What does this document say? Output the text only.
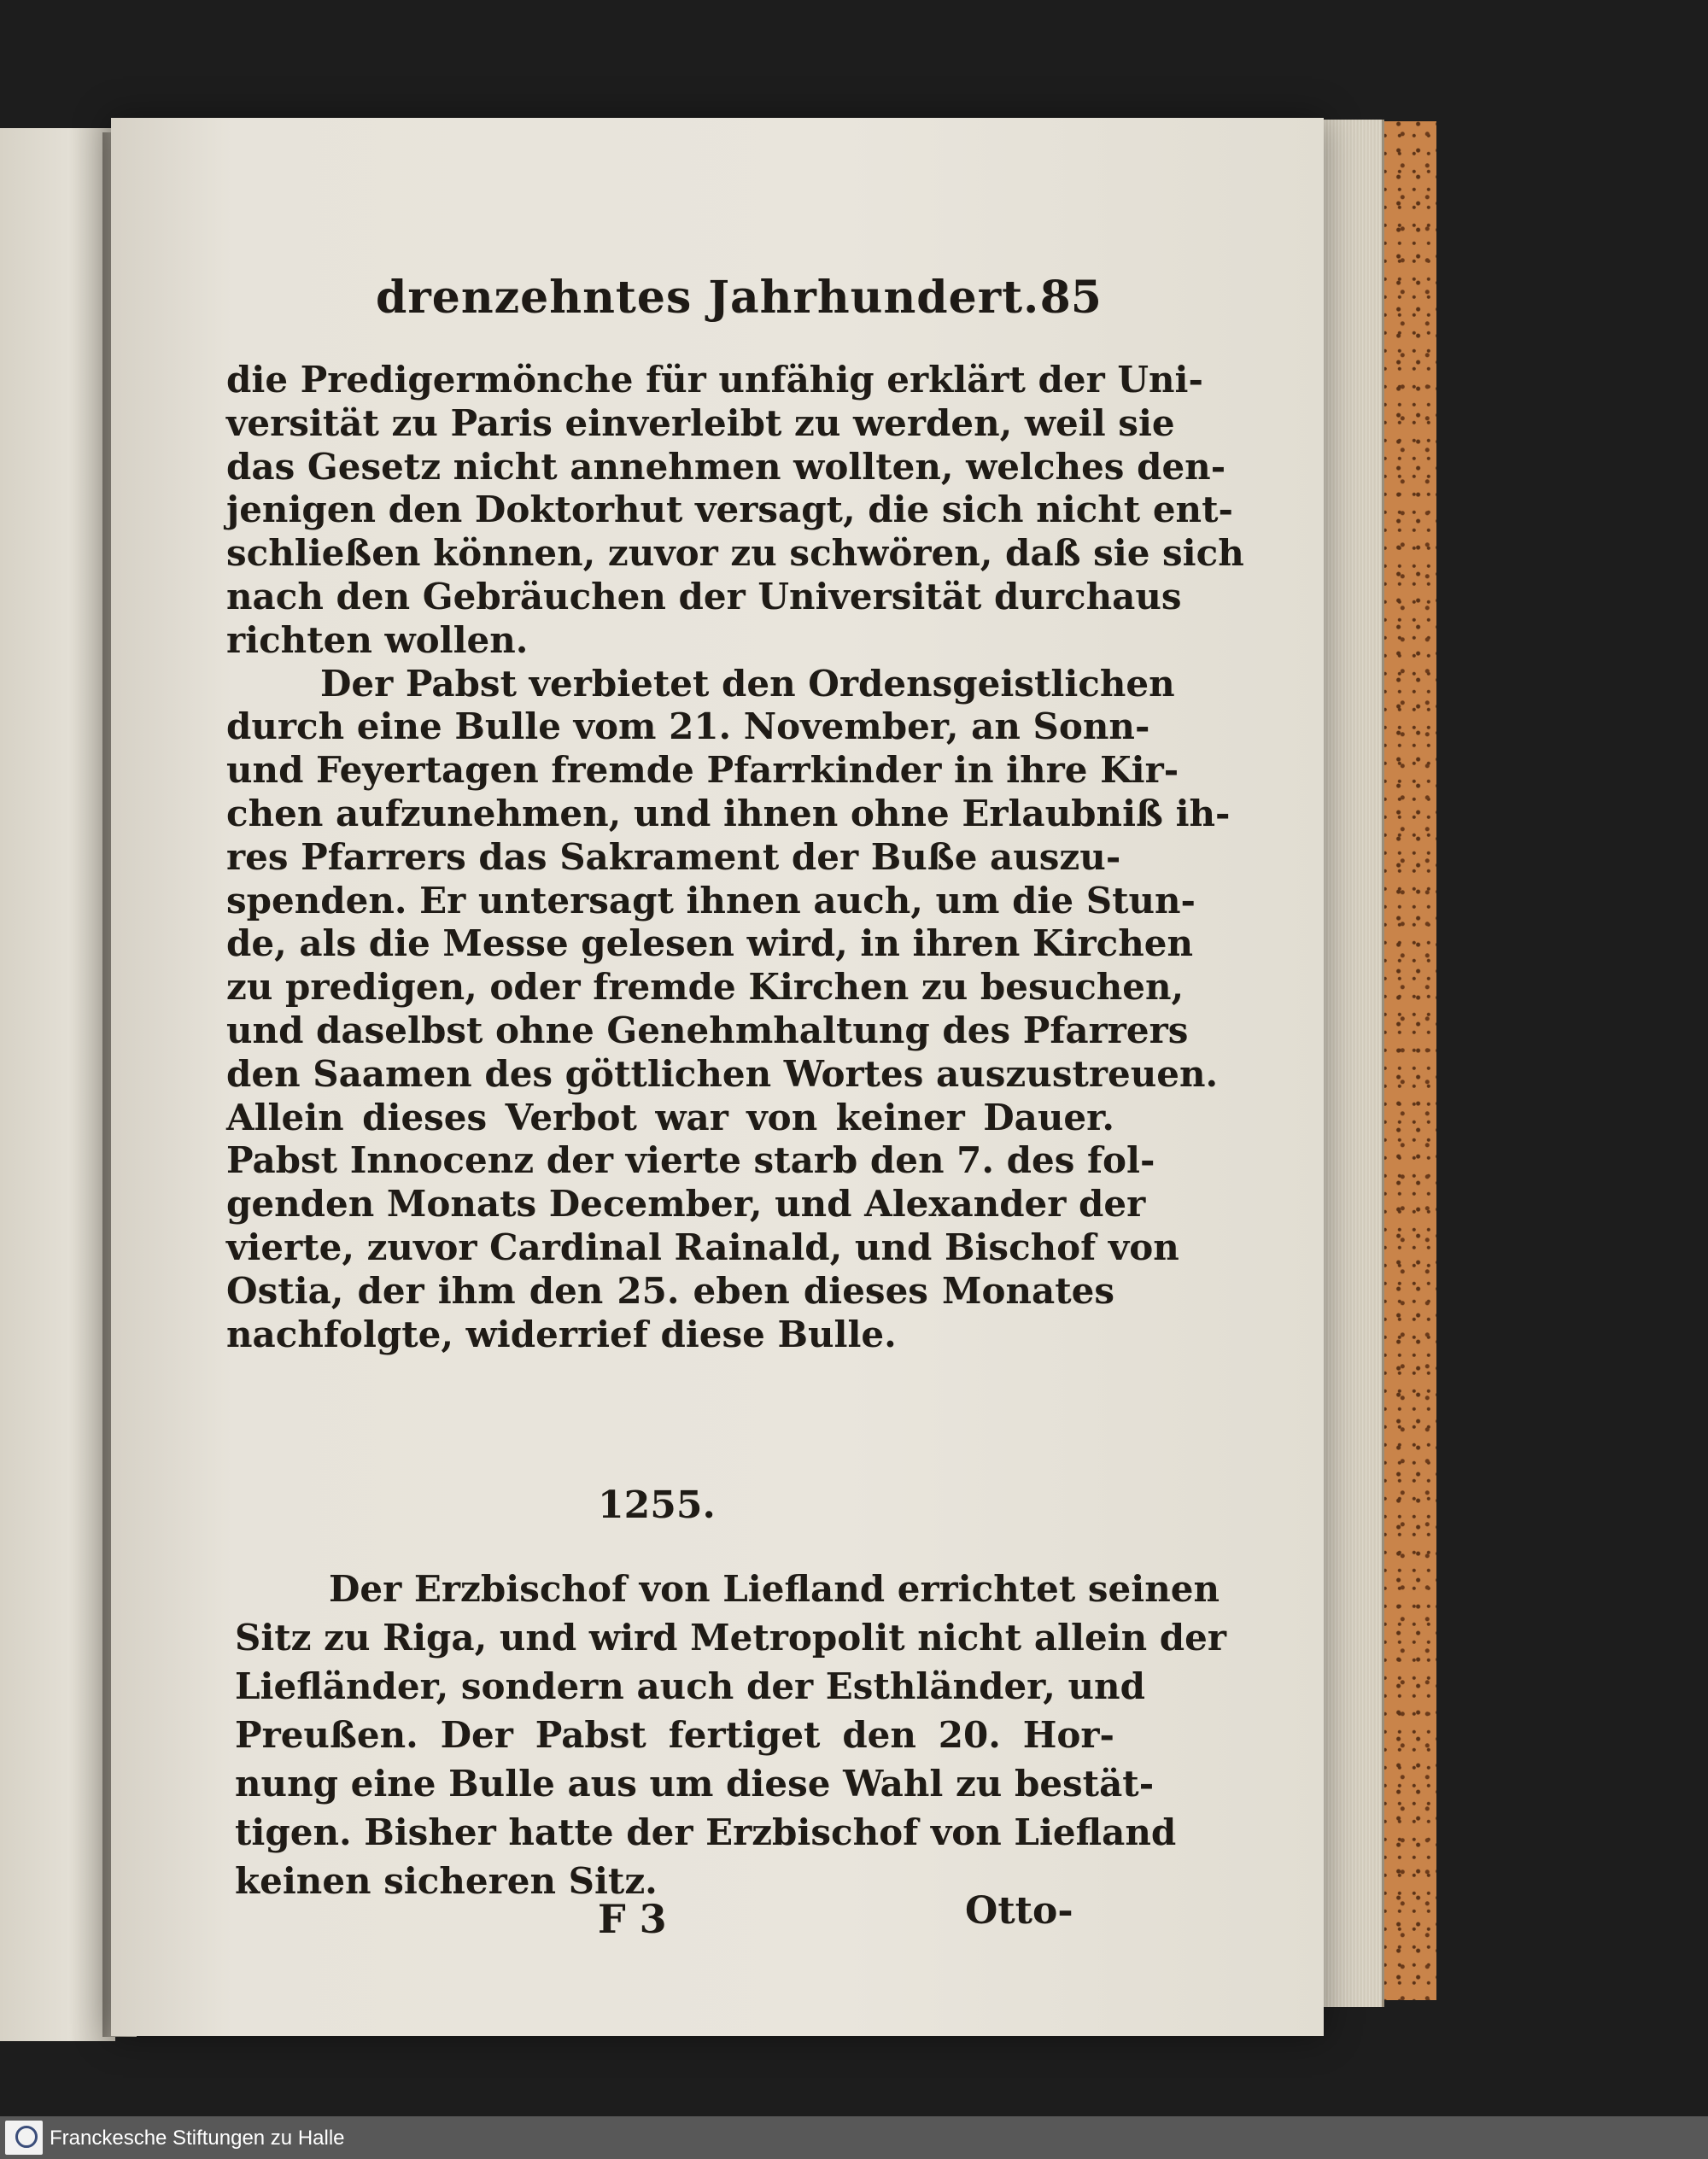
drenzehntes Jahrhundert. 85
die Predigermönche für unfähig erklärt der Uni-
versität zu Paris einverleibt zu werden, weil sie
das Gesetz nicht annehmen wollten, welches den-
jenigen den Doktorhut versagt, die sich nicht ent-
schließen können, zuvor zu schwören, daß sie sich
nach den Gebräuchen der Universität durchaus
richten wollen.
Der Pabst verbietet den Ordensgeistlichen
durch eine Bulle vom 21. November, an Sonn-
und Feyertagen fremde Pfarrkinder in ihre Kir-
chen aufzunehmen, und ihnen ohne Erlaubniß ih-
res Pfarrers das Sakrament der Buße auszu-
spenden. Er untersagt ihnen auch, um die Stun-
de, als die Messe gelesen wird, in ihren Kirchen
zu predigen, oder fremde Kirchen zu besuchen,
und daselbst ohne Genehmhaltung des Pfarrers
den Saamen des göttlichen Wortes auszustreuen.
Allein dieses Verbot war von keiner Dauer.
Pabst Innocenz der vierte starb den 7. des fol-
genden Monats December, und Alexander der
vierte, zuvor Cardinal Rainald, und Bischof von
Ostia, der ihm den 25. eben dieses Monates
nachfolgte, widerrief diese Bulle.
1255.
Der Erzbischof von Liefland errichtet seinen
Sitz zu Riga, und wird Metropolit nicht allein der
Liefländer, sondern auch der Esthländer, und
Preußen. Der Pabst fertiget den 20. Hor-
nung eine Bulle aus um diese Wahl zu bestät-
tigen. Bisher hatte der Erzbischof von Liefland
keinen sicheren Sitz.
F 3	Otto-
Franckesche Stiftungen zu Halle
